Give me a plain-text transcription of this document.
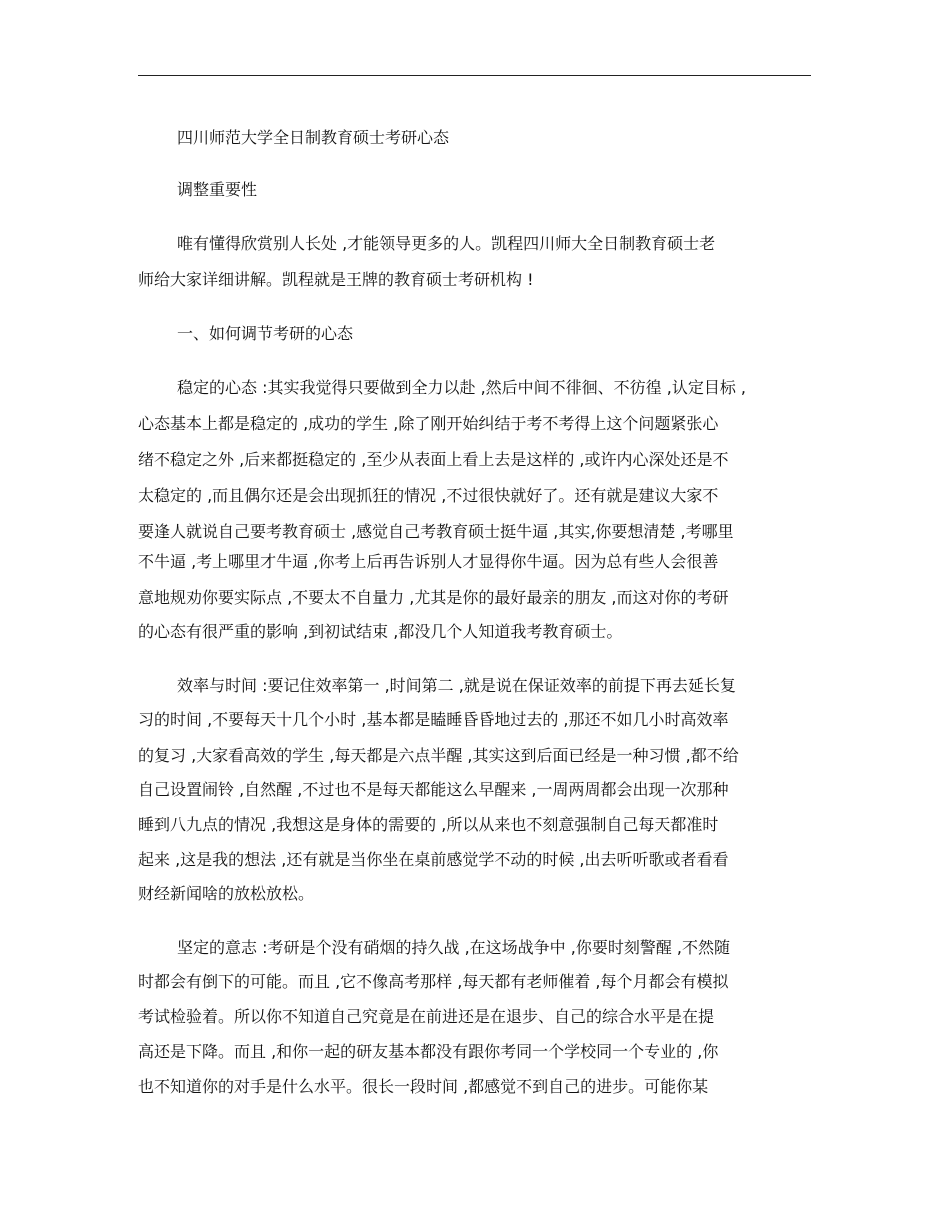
四川师范大学全日制教育硕士考研心态

调整重要性

唯有懂得欣赏别人长处 ,才能领导更多的人。凯程四川师大全日制教育硕士老

师给大家详细讲解。凯程就是王牌的教育硕士考研机构 !

一、如何调节考研的心态

稳定的心态 :其实我觉得只要做到全力以赴 ,然后中间不徘徊、不彷徨 ,认定目标 ,

心态基本上都是稳定的 ,成功的学生 ,除了刚开始纠结于考不考得上这个问题紧张心

绪不稳定之外 ,后来都挺稳定的 ,至少从表面上看上去是这样的 ,或许内心深处还是不

太稳定的 ,而且偶尔还是会出现抓狂的情况 ,不过很快就好了。还有就是建议大家不

要逢人就说自己要考教育硕士 ,感觉自己考教育硕士挺牛逼 ,其实,你要想清楚 ,考哪里

不牛逼 ,考上哪里才牛逼 ,你考上后再告诉别人才显得你牛逼。因为总有些人会很善

意地规劝你要实际点 ,不要太不自量力 ,尤其是你的最好最亲的朋友 ,而这对你的考研

的心态有很严重的影响 ,到初试结束 ,都没几个人知道我考教育硕士。

效率与时间 :要记住效率第一 ,时间第二 ,就是说在保证效率的前提下再去延长复

习的时间 ,不要每天十几个小时 ,基本都是瞌睡昏昏地过去的 ,那还不如几小时高效率

的复习 ,大家看高效的学生 ,每天都是六点半醒 ,其实这到后面已经是一种习惯 ,都不给

自己设置闹铃 ,自然醒 ,不过也不是每天都能这么早醒来 ,一周两周都会出现一次那种

睡到八九点的情况 ,我想这是身体的需要的 ,所以从来也不刻意强制自己每天都准时

起来 ,这是我的想法 ,还有就是当你坐在桌前感觉学不动的时候 ,出去听听歌或者看看

财经新闻啥的放松放松。

坚定的意志 :考研是个没有硝烟的持久战 ,在这场战争中 ,你要时刻警醒 ,不然随

时都会有倒下的可能。而且 ,它不像高考那样 ,每天都有老师催着 ,每个月都会有模拟

考试检验着。所以你不知道自己究竟是在前进还是在退步、自己的综合水平是在提

高还是下降。而且 ,和你一起的研友基本都没有跟你考同一个学校同一个专业的 ,你

也不知道你的对手是什么水平。很长一段时间 ,都感觉不到自己的进步。可能你某
